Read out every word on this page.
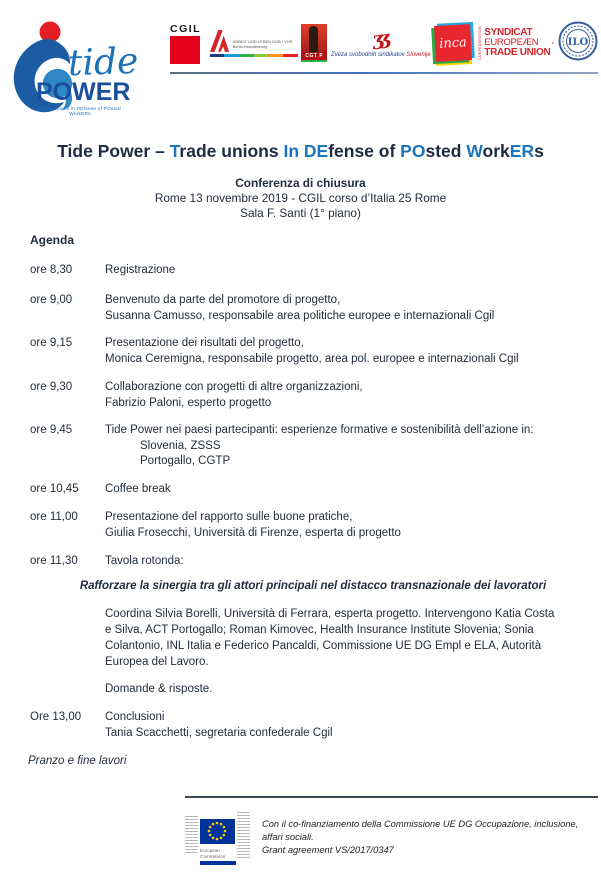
tide
POWER
Trade unions in DEfense of POsted WorkERs
CGIL
ARBEIT UND LEBEN DGB / VHS
Berlin-Brandenburg
CGT P
ʒʒ
Zveza svobodnih sindikatov Slovenije
inca	CONFEDERATION SYNDICAT
EUROPEÆN
TRADE UNION
ILO
Tide Power – Trade unions In DEfense of POsted WorkERs
Conferenza di chiusura
Rome 13 novembre 2019 - CGIL corso d’Italia 25 Rome
Sala F. Santi (1° piano)
Agenda
ore 8,30	Registrazione
ore 9,00	Benvenuto da parte del promotore di progetto,
Susanna Camusso, responsabile area politiche europee e internazionali Cgil
ore 9,15	Presentazione dei risultati del progetto,
Monica Ceremigna, responsabile progetto, area pol. europee e internazionali Cgil
ore 9,30	Collaborazione con progetti di altre organizzazioni,
Fabrizio Paloni, esperto progetto
ore 9,45	Tide Power nei paesi partecipanti: esperienze formative e sostenibilità dell’azione in:
Slovenia, ZSSS
Portogallo, CGTP
ore 10,45 Coffee break
ore 11,00 Presentazione del rapporto sulle buone pratiche,
Giulia Frosecchi, Università di Firenze, esperta di progetto
ore 11,30 Tavola rotonda:
Rafforzare la sinergia tra gli attori principali nel distacco transnazionale dei lavoratori
Coordina Silvia Borelli, Università di Ferrara, esperta progetto. Intervengono Katia Costa e Silva, ACT Portogallo; Roman Kimovec, Health Insurance Institute Slovenia; Sonia Colantonio, INL Italia e Federico Pancaldi, Commissione UE DG Empl e ELA, Autorità Europea del Lavoro.
Domande & risposte.
Ore 13,00 Conclusioni
Tania Scacchetti, segretaria confederale Cgil
Pranzo e fine lavori
European
Commission
Con il co-finanziamento della Commissione UE DG Occupazione, inclusione, affari sociali.
Grant agreement VS/2017/0347
